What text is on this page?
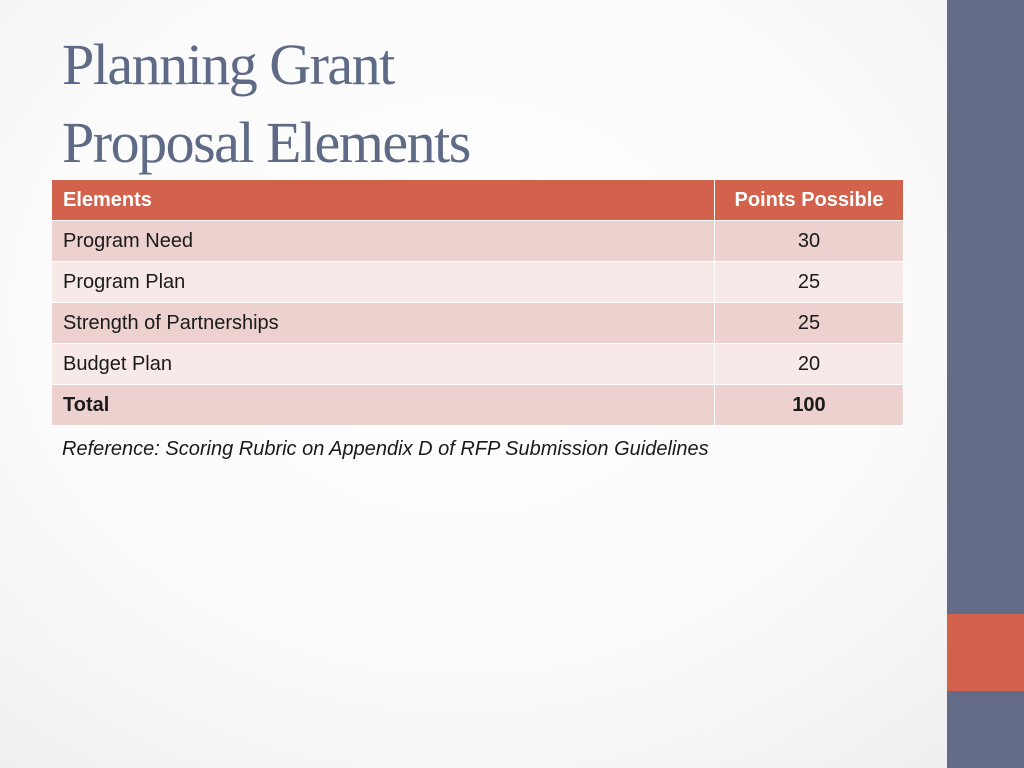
Planning Grant
Proposal Elements
Elements	Points Possible
Program Need	30
Program Plan	25
Strength of Partnerships	25
Budget Plan	20
Total	100
Reference: Scoring Rubric on Appendix D of RFP Submission Guidelines
